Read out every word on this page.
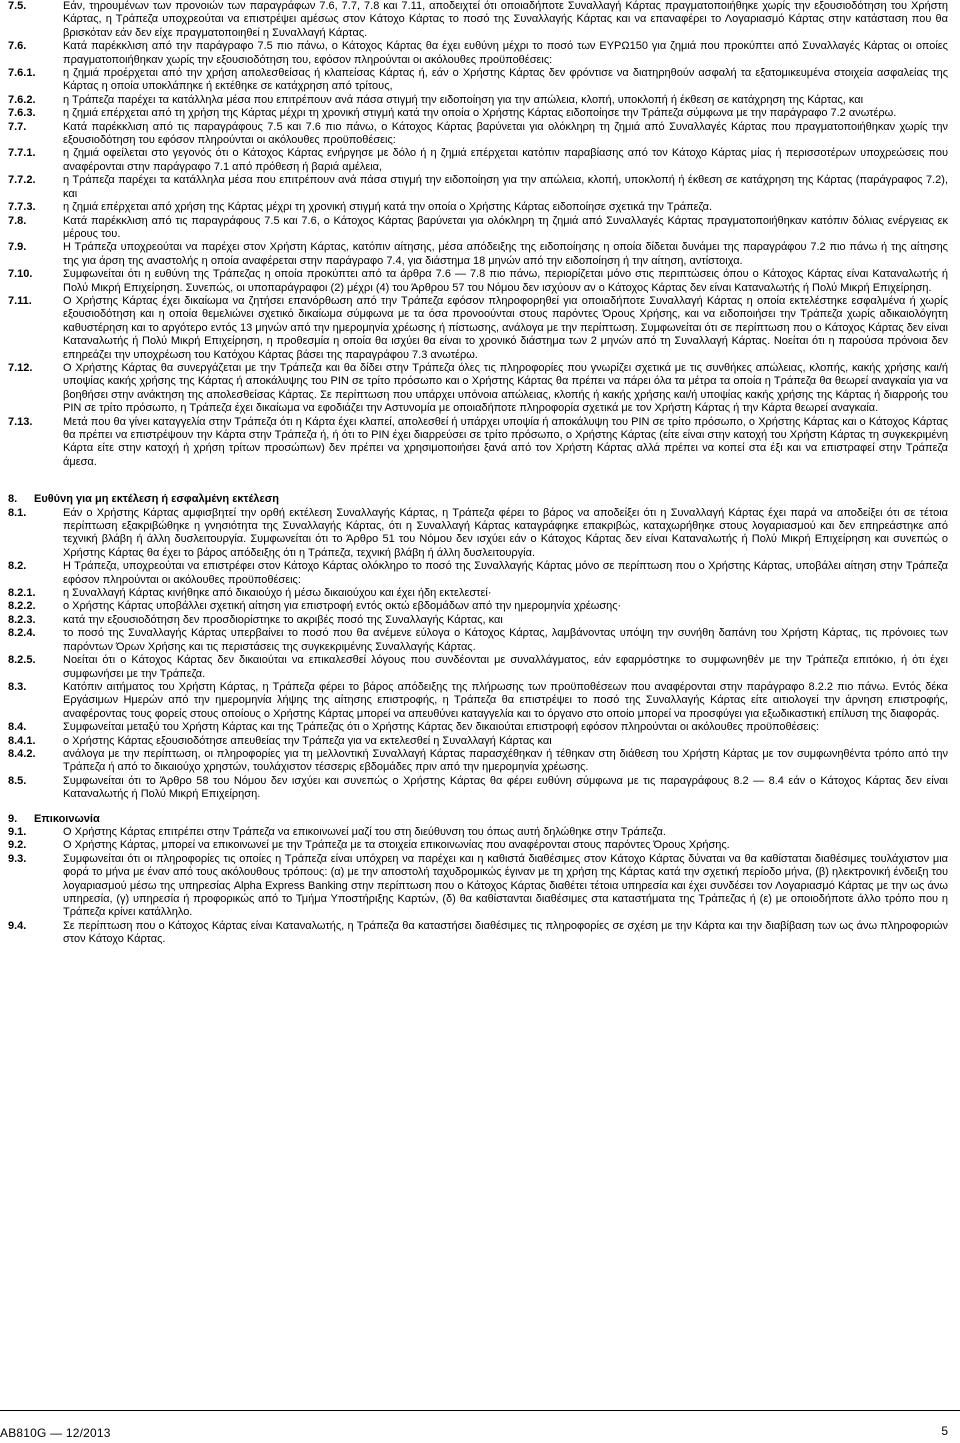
7.5.	Εάν, τηρουμένων των προνοιών των παραγράφων 7.6, 7.7, 7.8 και 7.11, αποδειχτεί ότι οποιαδήποτε Συναλλαγή Κάρτας πραγματοποιήθηκε χωρίς την εξουσιοδότηση του Χρήστη Κάρτας, η Τράπεζα υποχρεούται να επιστρέψει αμέσως στον Κάτοχο Κάρτας το ποσό της Συναλλαγής Κάρτας και να επαναφέρει το Λογαριασμό Κάρτας στην κατάσταση που θα βρισκόταν εάν δεν είχε πραγματοποιηθεί η Συναλλαγή Κάρτας.
7.6.	Κατά παρέκκλιση από την παράγραφο 7.5 πιο πάνω, ο Κάτοχος Κάρτας θα έχει ευθύνη μέχρι το ποσό των ΕΥΡΩ150 για ζημιά που προκύπτει από Συναλλαγές Κάρτας οι οποίες πραγματοποιήθηκαν χωρίς την εξουσιοδότηση του, εφόσον πληρούνται οι ακόλουθες προϋποθέσεις:
7.6.1.	η ζημιά προέρχεται από την χρήση απολεσθείσας ή κλαπείσας Κάρτας ή, εάν ο Χρήστης Κάρτας δεν φρόντισε να διατηρηθούν ασφαλή τα εξατομικευμένα στοιχεία ασφαλείας της Κάρτας η οποία υποκλάπηκε ή εκτέθηκε σε κατάχρηση από τρίτους,
7.6.2.	η Τράπεζα παρέχει τα κατάλληλα μέσα που επιτρέπουν ανά πάσα στιγμή την ειδοποίηση για την απώλεια, κλοπή, υποκλοπή ή έκθεση σε κατάχρηση της Κάρτας, και
7.6.3.	η ζημιά επέρχεται από τη χρήση της Κάρτας μέχρι τη χρονική στιγμή κατά την οποία ο Χρήστης Κάρτας ειδοποίησε την Τράπεζα σύμφωνα με την παράγραφο 7.2 ανωτέρω.
7.7.	Κατά παρέκκλιση από τις παραγράφους 7.5 και 7.6 πιο πάνω, ο Κάτοχος Κάρτας βαρύνεται για ολόκληρη τη ζημιά από Συναλλαγές Κάρτας που πραγματοποιήθηκαν χωρίς την εξουσιοδότηση του εφόσον πληρούνται οι ακόλουθες προϋποθέσεις:
7.7.1.	η ζημιά οφείλεται στο γεγονός ότι ο Κάτοχος Κάρτας ενήργησε με δόλο ή η ζημιά επέρχεται κατόπιν παραβίασης από τον Κάτοχο Κάρτας μίας ή περισσοτέρων υποχρεώσεις που αναφέρονται στην παράγραφο 7.1 από πρόθεση ή βαριά αμέλεια,
7.7.2.	η Τράπεζα παρέχει τα κατάλληλα μέσα που επιτρέπουν ανά πάσα στιγμή την ειδοποίηση για την απώλεια, κλοπή, υποκλοπή ή έκθεση σε κατάχρηση της Κάρτας (παράγραφος 7.2), και
7.7.3.	η ζημιά επέρχεται από χρήση της Κάρτας μέχρι τη χρονική στιγμή κατά την οποία ο Χρήστης Κάρτας ειδοποίησε σχετικά την Τράπεζα.
7.8.	Κατά παρέκκλιση από τις παραγράφους 7.5 και 7.6, ο Κάτοχος Κάρτας βαρύνεται για ολόκληρη τη ζημιά από Συναλλαγές Κάρτας πραγματοποιήθηκαν κατόπιν δόλιας ενέργειας εκ μέρους του.
7.9.	Η Τράπεζα υποχρεούται να παρέχει στον Χρήστη Κάρτας, κατόπιν αίτησης, μέσα απόδειξης της ειδοποίησης η οποία δίδεται δυνάμει της παραγράφου 7.2 πιο πάνω ή της αίτησης της για άρση της αναστολής η οποία αναφέρεται στην παράγραφο 7.4, για διάστημα 18 μηνών από την ειδοποίηση ή την αίτηση, αντίστοιχα.
7.10.	Συμφωνείται ότι η ευθύνη της Τράπεζας η οποία προκύπτει από τα άρθρα 7.6 — 7.8 πιο πάνω, περιορίζεται μόνο στις περιπτώσεις όπου ο Κάτοχος Κάρτας είναι Καταναλωτής ή Πολύ Μικρή Επιχείρηση. Συνεπώς, οι υποπαράγραφοι (2) μέχρι (4) του Άρθρου 57 του Νόμου δεν ισχύουν αν ο Κάτοχος Κάρτας δεν είναι Καταναλωτής ή Πολύ Μικρή Επιχείρηση.
7.11.	Ο Χρήστης Κάρτας έχει δικαίωμα να ζητήσει επανόρθωση από την Τράπεζα εφόσον πληροφορηθεί για οποιαδήποτε Συναλλαγή Κάρτας η οποία εκτελέστηκε εσφαλμένα ή χωρίς εξουσιοδότηση και η οποία θεμελιώνει σχετικό δικαίωμα σύμφωνα με τα όσα προνοούνται στους παρόντες Όρους Χρήσης, και να ειδοποιήσει την Τράπεζα χωρίς αδικαιολόγητη καθυστέρηση και το αργότερο εντός 13 μηνών από την ημερομηνία χρέωσης ή πίστωσης, ανάλογα με την περίπτωση. Συμφωνείται ότι σε περίπτωση που ο Κάτοχος Κάρτας δεν είναι Καταναλωτής ή Πολύ Μικρή Επιχείρηση, η προθεσμία η οποία θα ισχύει θα είναι το χρονικό διάστημα των 2 μηνών από τη Συναλλαγή Κάρτας. Νοείται ότι η παρούσα πρόνοια δεν επηρεάζει την υποχρέωση του Κατόχου Κάρτας βάσει της παραγράφου 7.3 ανωτέρω.
7.12.	Ο Χρήστης Κάρτας θα συνεργάζεται με την Τράπεζα και θα δίδει στην Τράπεζα όλες τις πληροφορίες που γνωρίζει σχετικά με τις συνθήκες απώλειας, κλοπής, κακής χρήσης και/ή υποψίας κακής χρήσης της Κάρτας ή αποκάλυψης του PIN σε τρίτο πρόσωπο και ο Χρήστης Κάρτας θα πρέπει να πάρει όλα τα μέτρα τα οποία η Τράπεζα θα θεωρεί αναγκαία για να βοηθήσει στην ανάκτηση της απολεσθείσας Κάρτας. Σε περίπτωση που υπάρχει υπόνοια απώλειας, κλοπής ή κακής χρήσης και/ή υποψίας κακής χρήσης της Κάρτας ή διαρροής του PIN σε τρίτο πρόσωπο, η Τράπεζα έχει δικαίωμα να εφοδιάζει την Αστυνομία με οποιαδήποτε πληροφορία σχετικά με τον Χρήστη Κάρτας ή την Κάρτα θεωρεί αναγκαία.
7.13.	Μετά που θα γίνει καταγγελία στην Τράπεζα ότι η Κάρτα έχει κλαπεί, απολεσθεί ή υπάρχει υποψία ή αποκάλυψη του PIN σε τρίτο πρόσωπο, ο Χρήστης Κάρτας και ο Κάτοχος Κάρτας θα πρέπει να επιστρέψουν την Κάρτα στην Τράπεζα ή, ή ότι το PIN έχει διαρρεύσει σε τρίτο πρόσωπο, ο Χρήστης Κάρτας (είτε είναι στην κατοχή του Χρήστη Κάρτας τη συγκεκριμένη Κάρτα είτε στην κατοχή ή χρήση τρίτων προσώπων) δεν πρέπει να χρησιμοποιήσει ξανά από τον Χρήστη Κάρτας αλλά πρέπει να κοπεί στα έξι και να επιστραφεί στην Τράπεζα άμεσα.
8.	Ευθύνη για μη εκτέλεση ή εσφαλμένη εκτέλεση
8.1.	Εάν ο Χρήστης Κάρτας αμφισβητεί την ορθή εκτέλεση Συναλλαγής Κάρτας, η Τράπεζα φέρει το βάρος να αποδείξει ότι η Συναλλαγή Κάρτας έχει παρά να αποδείξει ότι σε τέτοια περίπτωση εξακριβώθηκε η γνησιότητα της Συναλλαγής Κάρτας, ότι η Συναλλαγή Κάρτας καταγράφηκε επακριβώς, καταχωρήθηκε στους λογαριασμού και δεν επηρεάστηκε από τεχνική βλάβη ή άλλη δυσλειτουργία. Συμφωνείται ότι το Άρθρο 51 του Νόμου δεν ισχύει εάν ο Κάτοχος Κάρτας δεν είναι Καταναλωτής ή Πολύ Μικρή Επιχείρηση και συνεπώς ο Χρήστης Κάρτας θα έχει το βάρος απόδειξης ότι η Τράπεζα, τεχνική βλάβη ή άλλη δυσλειτουργία.
8.2.	Η Τράπεζα, υποχρεούται να επιστρέφει στον Κάτοχο Κάρτας ολόκληρο το ποσό της Συναλλαγής Κάρτας μόνο σε περίπτωση που ο Χρήστης Κάρτας, υποβάλει αίτηση στην Τράπεζα εφόσον πληρούνται οι ακόλουθες προϋποθέσεις:
8.2.1.	η Συναλλαγή Κάρτας κινήθηκε από δικαιούχο ή μέσω δικαιούχου και έχει ήδη εκτελεστεί·
8.2.2.	ο Χρήστης Κάρτας υποβάλλει σχετική αίτηση για επιστροφή εντός οκτώ εβδομάδων από την ημερομηνία χρέωσης·
8.2.3.	κατά την εξουσιοδότηση δεν προσδιορίστηκε το ακριβές ποσό της Συναλλαγής Κάρτας, και
8.2.4.	το ποσό της Συναλλαγής Κάρτας υπερβαίνει το ποσό που θα ανέμενε εύλογα ο Κάτοχος Κάρτας, λαμβάνοντας υπόψη την συνήθη δαπάνη του Χρήστη Κάρτας, τις πρόνοιες των παρόντων Όρων Χρήσης και τις περιστάσεις της συγκεκριμένης Συναλλαγής Κάρτας.
8.2.5.	Νοείται ότι ο Κάτοχος Κάρτας δεν δικαιούται να επικαλεσθεί λόγους που συνδέονται με συναλλάγματος, εάν εφαρμόστηκε το συμφωνηθέν με την Τράπεζα επιτόκιο, ή ότι έχει συμφωνήσει με την Τράπεζα.
8.3.	Κατόπιν αιτήματος του Χρήστη Κάρτας, η Τράπεζα φέρει το βάρος απόδειξης της πλήρωσης των προϋποθέσεων που αναφέρονται στην παράγραφο 8.2.2 πιο πάνω. Εντός δέκα Εργάσιμων Ημερών από την ημερομηνία λήψης της αίτησης επιστροφής, η Τράπεζα θα επιστρέψει το ποσό της Συναλλαγής Κάρτας είτε αιτιολογεί την άρνηση επιστροφής, αναφέροντας τους φορείς στους οποίους ο Χρήστης Κάρτας μπορεί να απευθύνει καταγγελία και το όργανο στο οποίο μπορεί να προσφύγει για εξωδικαστική επίλυση της διαφοράς.
8.4.	Συμφωνείται μεταξύ του Χρήστη Κάρτας και της Τράπεζας ότι ο Χρήστης Κάρτας δεν δικαιούται επιστροφή εφόσον πληρούνται οι ακόλουθες προϋποθέσεις:
8.4.1.	ο Χρήστης Κάρτας εξουσιοδότησε απευθείας την Τράπεζα για να εκτελεσθεί η Συναλλαγή Κάρτας και
8.4.2.	ανάλογα με την περίπτωση, οι πληροφορίες για τη μελλοντική Συναλλαγή Κάρτας παρασχέθηκαν ή τέθηκαν στη διάθεση του Χρήστη Κάρτας με τον συμφωνηθέντα τρόπο από την Τράπεζα ή από το δικαιούχο χρηστών, τουλάχιστον τέσσερις εβδομάδες πριν από την ημερομηνία χρέωσης.
8.5.	Συμφωνείται ότι το Άρθρο 58 του Νόμου δεν ισχύει και συνεπώς ο Χρήστης Κάρτας θα φέρει ευθύνη σύμφωνα με τις παραγράφους 8.2 — 8.4 εάν ο Κάτοχος Κάρτας δεν είναι Καταναλωτής ή Πολύ Μικρή Επιχείρηση.
9.	Επικοινωνία
9.1.	Ο Χρήστης Κάρτας επιτρέπει στην Τράπεζα να επικοινωνεί μαζί του στη διεύθυνση του όπως αυτή δηλώθηκε στην Τράπεζα.
9.2.	Ο Χρήστης Κάρτας, μπορεί να επικοινωνεί με την Τράπεζα με τα στοιχεία επικοινωνίας που αναφέρονται στους παρόντες Όρους Χρήσης.
9.3.	Συμφωνείται ότι οι πληροφορίες τις οποίες η Τράπεζα είναι υπόχρεη να παρέχει και η καθιστά διαθέσιμες στον Κάτοχο Κάρτας δύναται να θα καθίσταται διαθέσιμες τουλάχιστον μια φορά το μήνα με έναν από τους ακόλουθους τρόπους: (α) με την αποστολή ταχυδρομικώς έγιναν με τη χρήση της Κάρτας κατά την σχετική περίοδο μήνα, (β) ηλεκτρονική ένδειξη του λογαριασμού μέσω της υπηρεσίας Alpha Express Banking στην περίπτωση που ο Κάτοχος Κάρτας διαθέτει τέτοια υπηρεσία και έχει συνδέσει τον Λογαριασμό Κάρτας με την ως άνω υπηρεσία, (γ) υπηρεσία ή προφορικώς από το Τμήμα Υποστήριξης Καρτών, (δ) θα καθίστανται διαθέσιμες στα καταστήματα της Τράπεζας ή (ε) με οποιοδήποτε άλλο τρόπο που η Τράπεζα κρίνει κατάλληλο.
9.4.	Σε περίπτωση που ο Κάτοχος Κάρτας είναι Καταναλωτής, η Τράπεζα θα καταστήσει διαθέσιμες τις πληροφορίες σε σχέση με την Κάρτα και την διαβίβαση των ως άνω πληροφοριών στον Κάτοχο Κάρτας.
AB810G — 12/2013	5
